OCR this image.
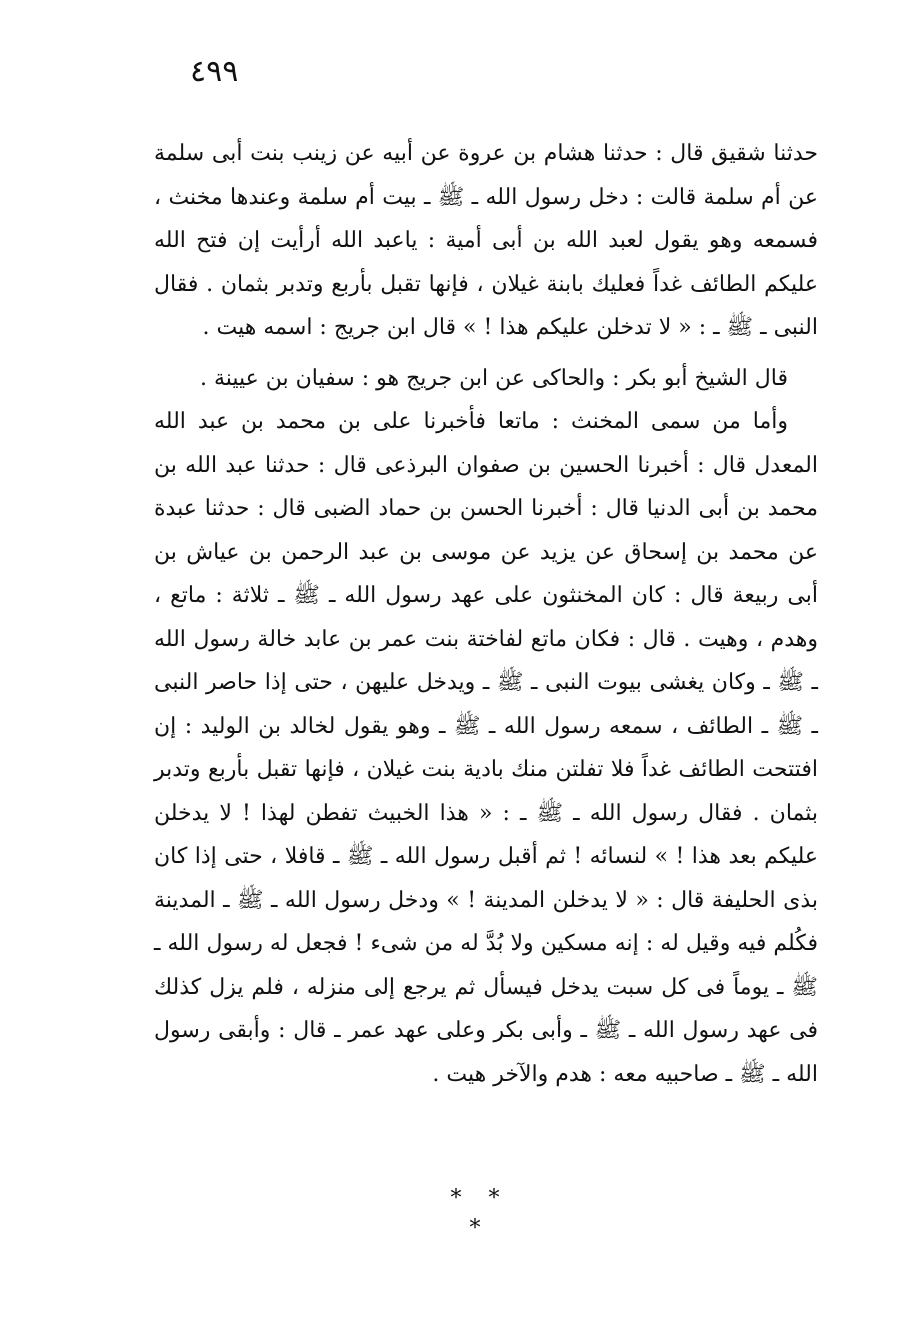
٤٩٩

حدثنا شقيق قال : حدثنا هشام بن عروة عن أبيه عن زينب بنت أبى سلمة عن أم سلمة قالت : دخل رسول الله ـ ﷺ ـ بيت أم سلمة وعندها مخنث ، فسمعه وهو يقول لعبد الله بن أبى أمية : ياعبد الله أرأيت إن فتح الله عليكم الطائف غداً فعليك بابنة غيلان ، فإنها تقبل بأربع وتدبر بثمان . فقال النبى ـ ﷺ ـ : « لا تدخلن عليكم هذا ! » قال ابن جريج : اسمه هيت .

قال الشيخ أبو بكر : والحاكى عن ابن جريج هو : سفيان بن عيينة .

وأما من سمى المخنث : ماتعا فأخبرنا على بن محمد بن عبد الله المعدل قال : أخبرنا الحسين بن صفوان البرذعى قال : حدثنا عبد الله بن محمد بن أبى الدنيا قال : أخبرنا الحسن بن حماد الضبى قال : حدثنا عبدة عن محمد بن إسحاق عن يزيد عن موسى بن عبد الرحمن بن عياش بن أبى ربيعة قال : كان المخنثون على عهد رسول الله ـ ﷺ ـ ثلاثة : ماتع ، وهدم ، وهيت . قال : فكان ماتع لفاختة بنت عمر بن عابد خالة رسول الله ـ ﷺ ـ وكان يغشى بيوت النبى ـ ﷺ ـ ويدخل عليهن ، حتى إذا حاصر النبى ـ ﷺ ـ الطائف ، سمعه رسول الله ـ ﷺ ـ وهو يقول لخالد بن الوليد : إن افتتحت الطائف غداً فلا تفلتن منك بادية بنت غيلان ، فإنها تقبل بأربع وتدبر بثمان . فقال رسول الله ـ ﷺ ـ : « هذا الخبيث تفطن لهذا ! لا يدخلن عليكم بعد هذا ! » لنسائه ! ثم أقبل رسول الله ـ ﷺ ـ قافلا ، حتى إذا كان بذى الحليفة قال : « لا يدخلن المدينة ! » ودخل رسول الله ـ ﷺ ـ المدينة فكُلم فيه وقيل له : إنه مسكين ولا بُدَّ له من شىء ! فجعل له رسول الله ـ ﷺ ـ يوماً فى كل سبت يدخل فيسأل ثم يرجع إلى منزله ، فلم يزل كذلك فى عهد رسول الله ـ ﷺ ـ وأبى بكر وعلى عهد عمر ـ قال : وأبقى رسول الله ـ ﷺ ـ صاحبيه معه : هدم والآخر هيت .

* * *
